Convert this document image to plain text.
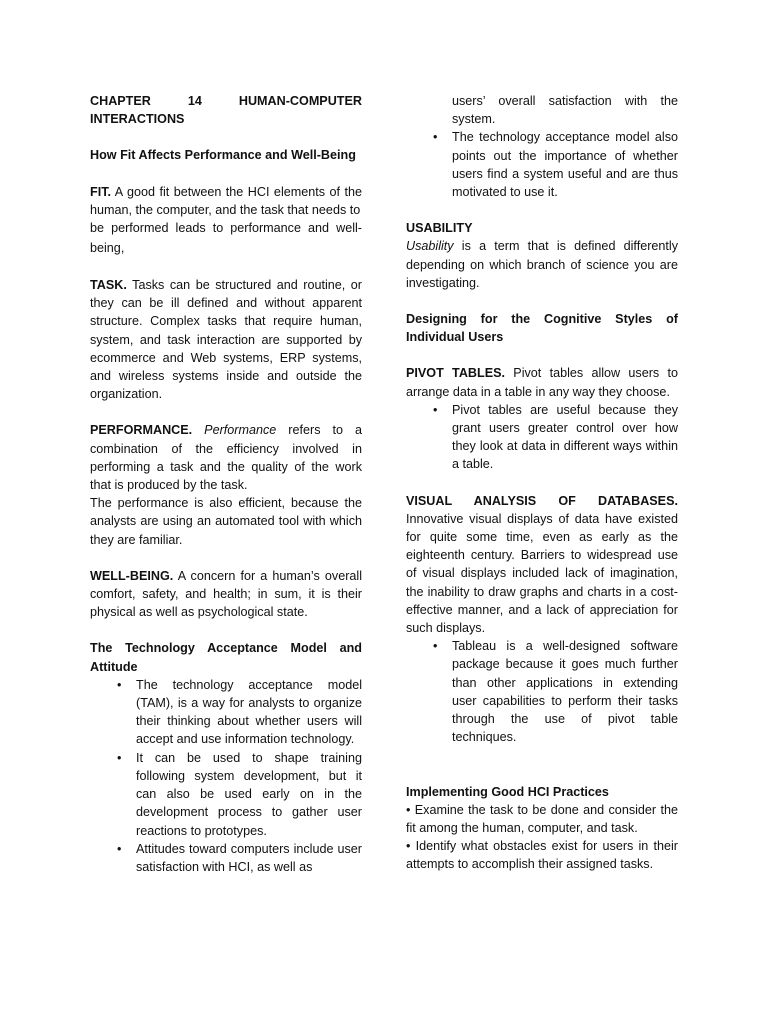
CHAPTER	14	HUMAN-COMPUTER
INTERACTIONS

How Fit Affects Performance and Well-Being

FIT. A good fit between the HCI elements of the human, the computer, and the task that needs to

be performed leads to performance and well-being,

TASK. Tasks can be structured and routine, or they can be ill defined and without apparent structure. Complex tasks that require human, system, and task interaction are supported by ecommerce and Web systems, ERP systems, and wireless systems inside and outside the organization.

PERFORMANCE. Performance refers to a combination of the efficiency involved in performing a task and the quality of the work that is produced by the task.

The performance is also efficient, because the analysts are using an automated tool with which they are familiar.

WELL-BEING. A concern for a human’s overall comfort, safety, and health; in sum, it is their physical as well as psychological state.

The Technology Acceptance Model and Attitude

• The technology acceptance model (TAM), is a way for analysts to organize their thinking about whether users will accept and use information technology.
• It can be used to shape training following system development, but it can also be used early on in the development process to gather user reactions to prototypes.
• Attitudes toward computers include user satisfaction with HCI, as well as
users’ overall satisfaction with the system.
• The technology acceptance model also points out the importance of whether users find a system useful and are thus motivated to use it.

USABILITY

Usability is a term that is defined differently depending on which branch of science you are investigating.

Designing for the Cognitive Styles of Individual Users

PIVOT TABLES. Pivot tables allow users to arrange data in a table in any way they choose.

• Pivot tables are useful because they grant users greater control over how they look at data in different ways within a table.

VISUAL ANALYSIS OF DATABASES. Innovative visual displays of data have existed for quite some time, even as early as the eighteenth century. Barriers to widespread use of visual displays included lack of imagination, the inability to draw graphs and charts in a cost-effective manner, and a lack of appreciation for such displays.

• Tableau is a well-designed software package because it goes much further than other applications in extending user capabilities to perform their tasks through the use of pivot table techniques.

Implementing Good HCI Practices

• Examine the task to be done and consider the fit among the human, computer, and task.

• Identify what obstacles exist for users in their attempts to accomplish their assigned tasks.
